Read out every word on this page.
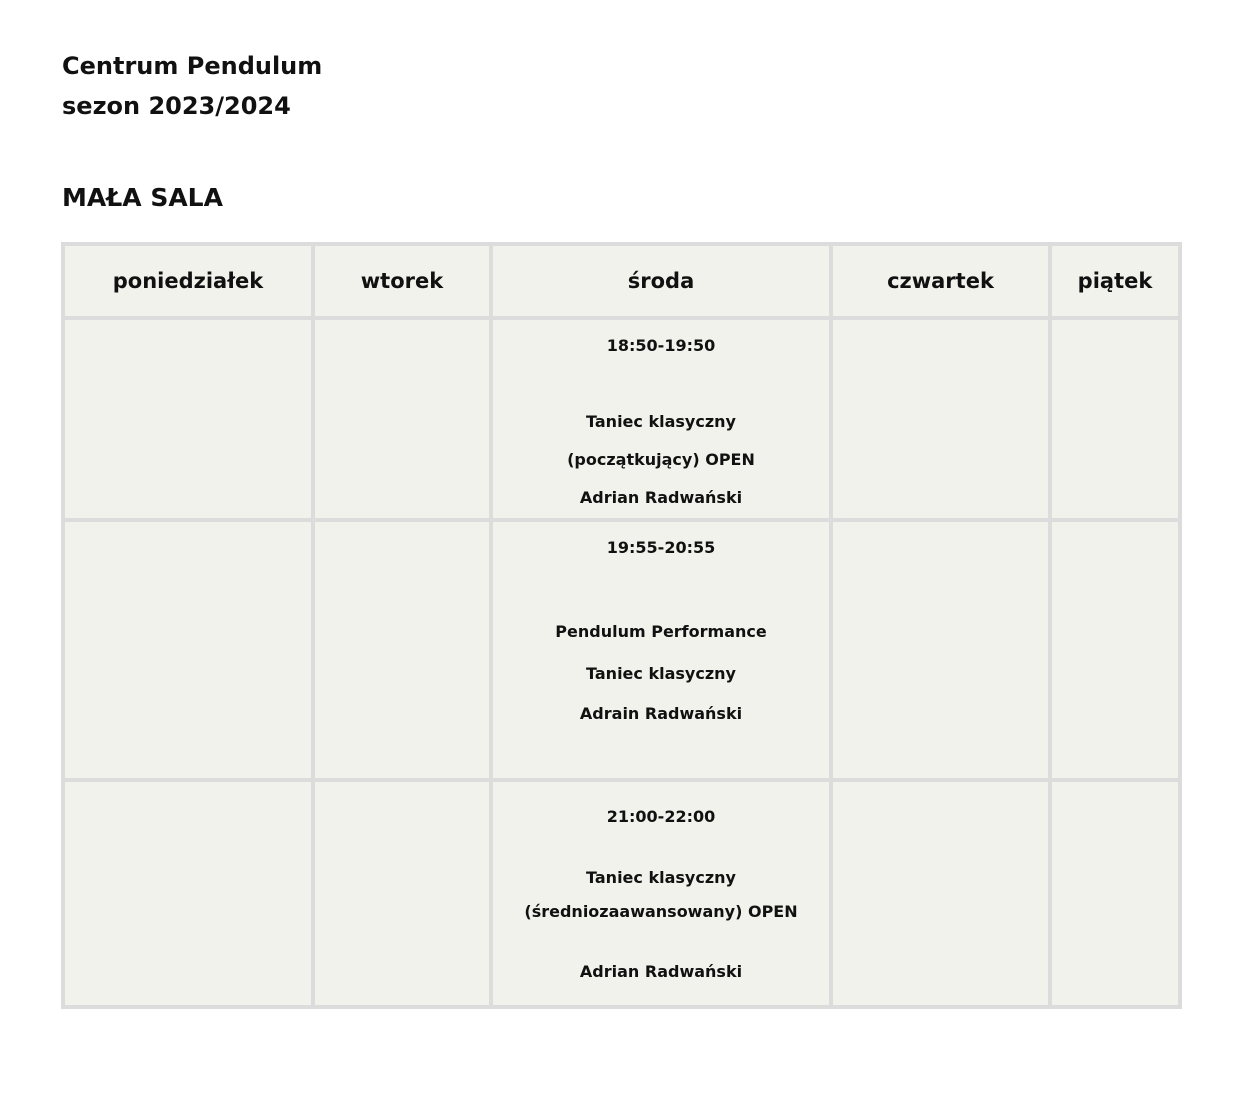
Centrum Pendulum
sezon 2023/2024
MAŁA SALA
poniedziałek	wtorek	środa	czwartek	piątek

		18:50-19:50
Taniec klasyczny
(początkujący) OPEN
Adrian Radwański		

		19:55-20:55
Pendulum Performance
Taniec klasyczny
Adrain Radwański		

		21:00-22:00
Taniec klasyczny
(średniozaawansowany) OPEN
Adrian Radwański		
